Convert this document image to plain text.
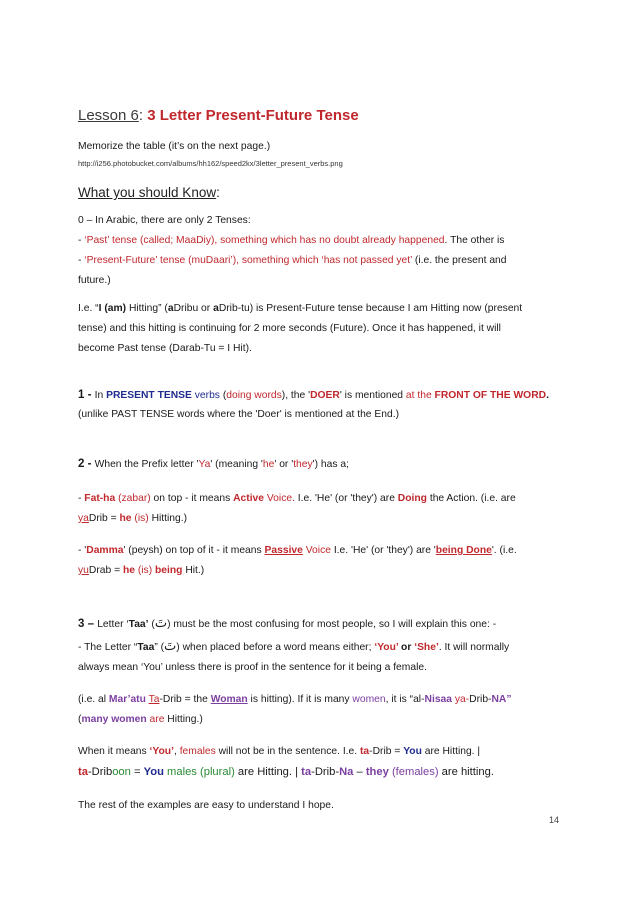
Lesson 6: 3 Letter Present-Future Tense
Memorize the table (it’s on the next page.)
http://i256.photobucket.com/albums/hh162/speed2kx/3letter_present_verbs.png
What you should Know:
0 – In Arabic, there are only 2 Tenses:
- ‘Past’ tense (called; MaaDiy), something which has no doubt already happened. The other is
- ‘Present-Future’ tense (muDaari’), something which ‘has not passed yet’ (i.e. the present and
future.)
I.e. “I (am) Hitting” (aDribu or aDrib-tu) is Present-Future tense because I am Hitting now (present
tense) and this hitting is continuing for 2 more seconds (Future). Once it has happened, it will
become Past tense (Darab-Tu = I Hit).
1 - In PRESENT TENSE verbs (doing words), the 'DOER' is mentioned at the FRONT OF THE WORD.
(unlike PAST TENSE words where the 'Doer' is mentioned at the End.)
2 - When the Prefix letter 'Ya' (meaning 'he' or 'they') has a;
- Fat-ha (zabar) on top - it means Active Voice. I.e. 'He' (or 'they') are Doing the Action. (i.e. are
yaDrib = he (is) Hitting.)
- 'Damma' (peysh) on top of it - it means Passive Voice I.e. 'He' (or 'they') are 'being Done'. (i.e.
yuDrab = he (is) being Hit.)
3 – Letter ‘Taa’ (تَ) must be the most confusing for most people, so I will explain this one: -
- The Letter “Taa” (تَ) when placed before a word means either; ‘You’ or ‘She’. It will normally
always mean ‘You’ unless there is proof in the sentence for it being a female.
(i.e. al Mar’atu Ta-Drib = the Woman is hitting). If it is many women, it is “al-Nisaa ya-Drib-NA”
(many women are Hitting.)
When it means ‘You’, females will not be in the sentence. I.e. ta-Drib = You are Hitting. |
ta-Driboon = You males (plural) are Hitting. | ta-Drib-Na – they (females) are hitting.
The rest of the examples are easy to understand I hope.
14
